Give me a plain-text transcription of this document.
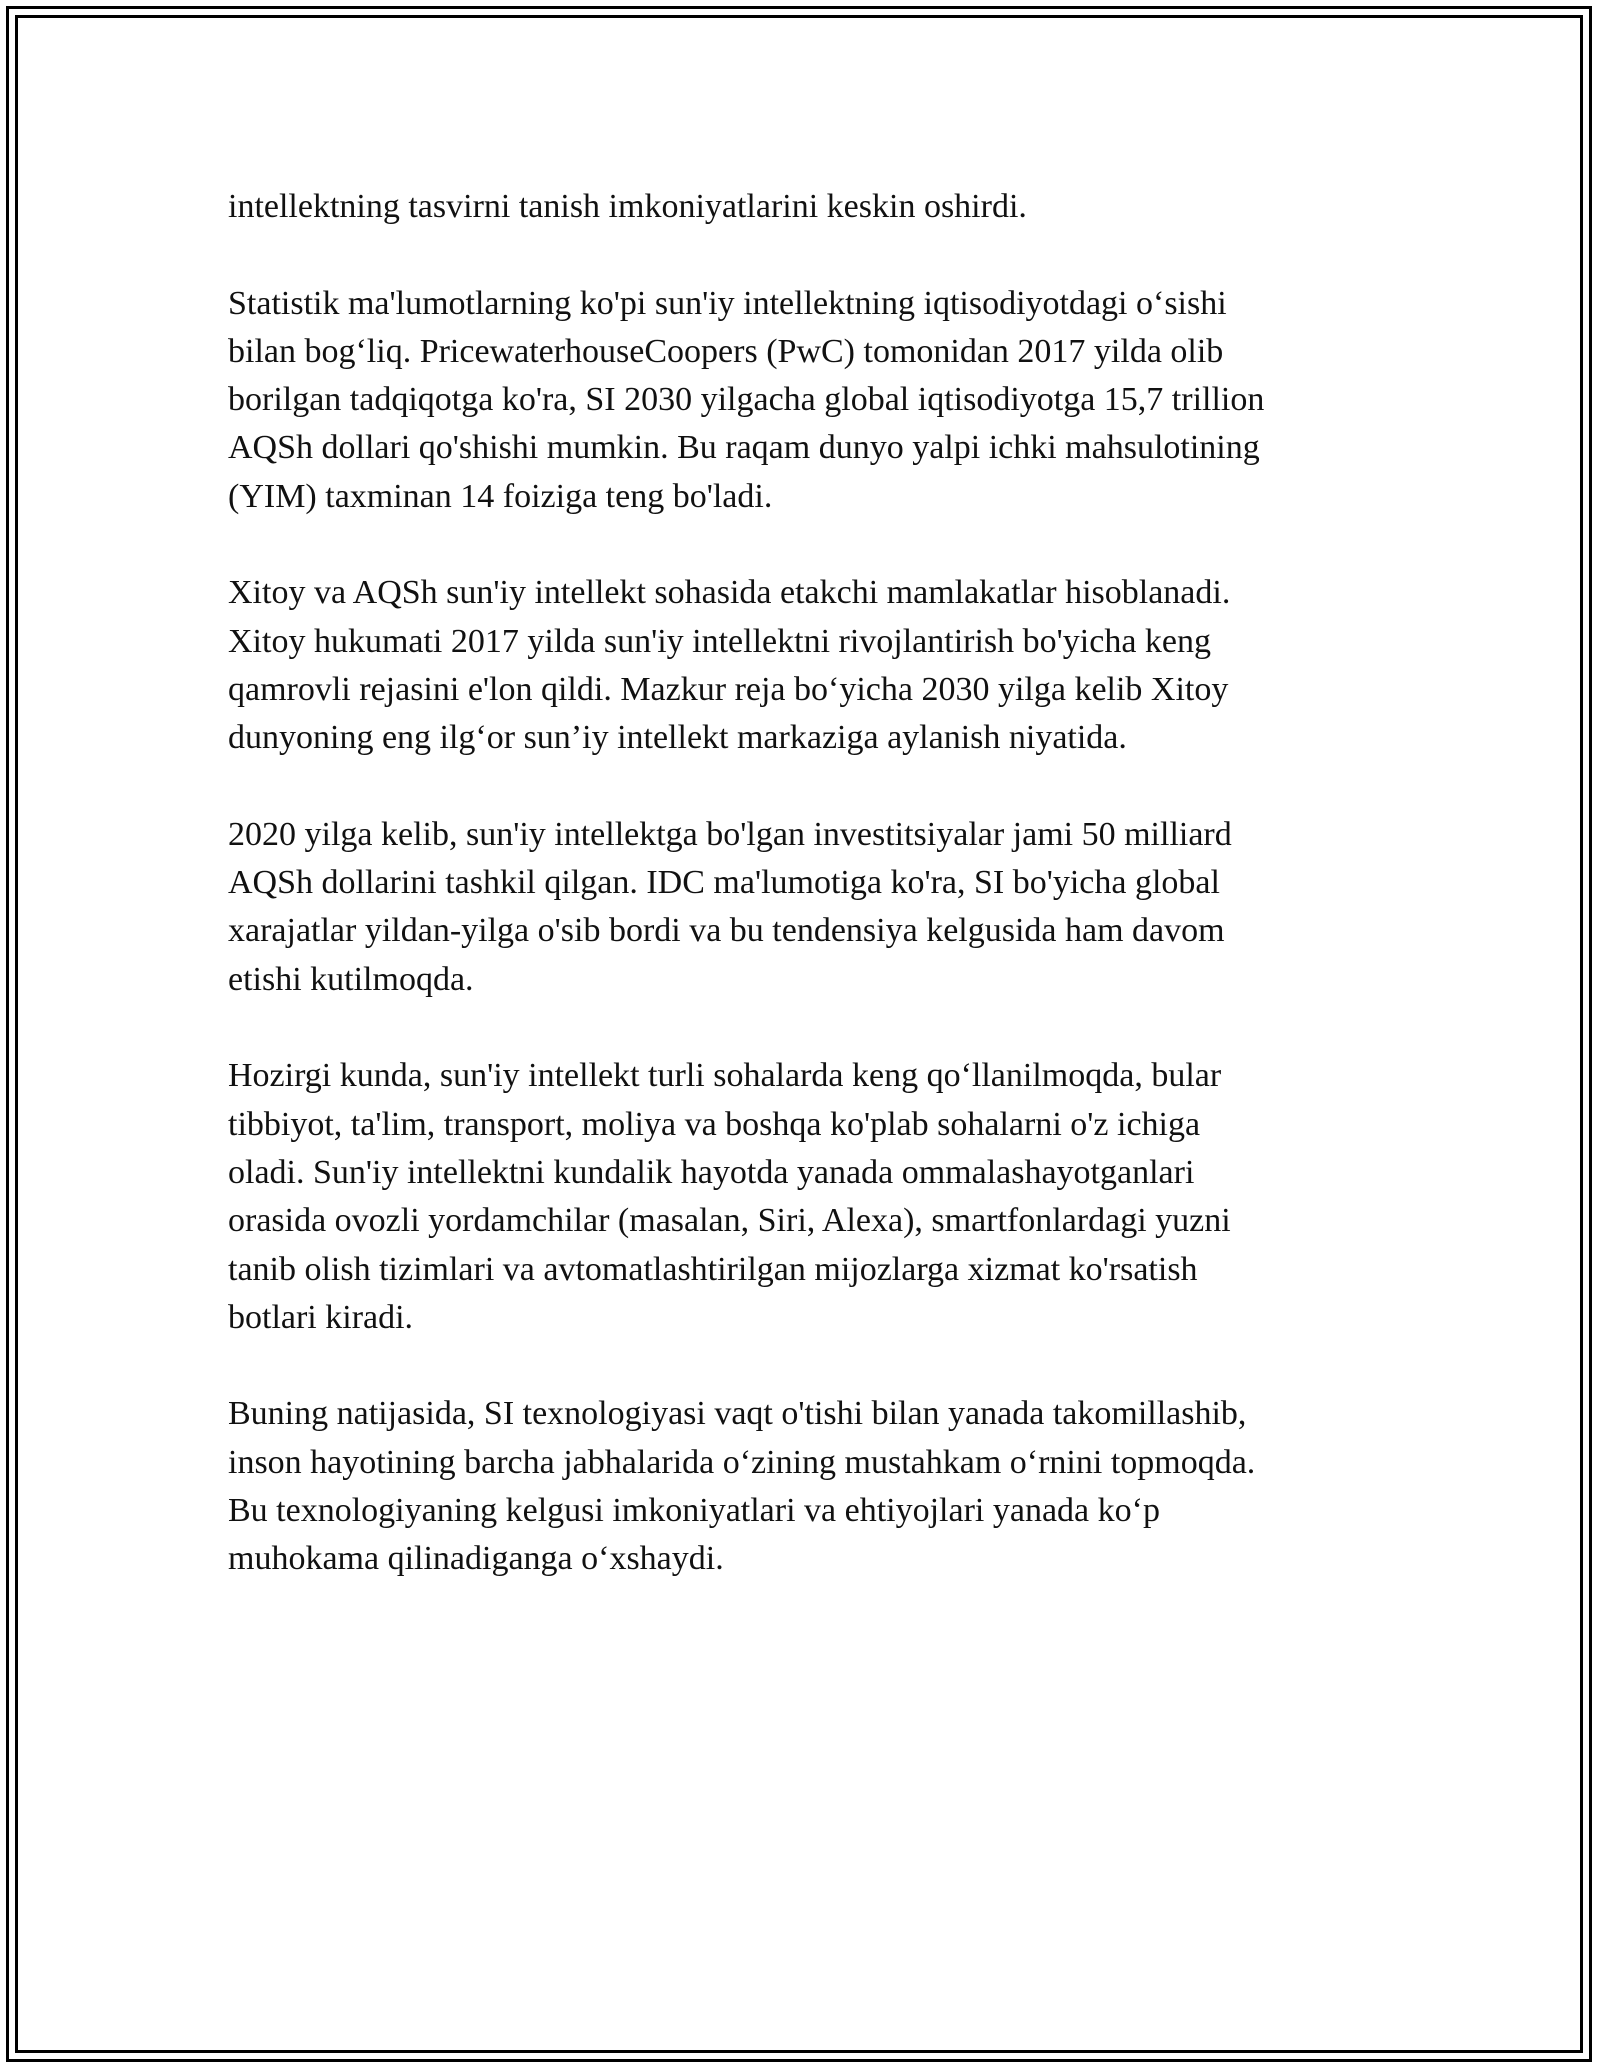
intellektning tasvirni tanish imkoniyatlarini keskin oshirdi.

Statistik ma'lumotlarning ko'pi sun'iy intellektning iqtisodiyotdagi o‘sishi
bilan bog‘liq. PricewaterhouseCoopers (PwC) tomonidan 2017 yilda olib
borilgan tadqiqotga ko'ra, SI 2030 yilgacha global iqtisodiyotga 15,7 trillion
AQSh dollari qo'shishi mumkin. Bu raqam dunyo yalpi ichki mahsulotining
(YIM) taxminan 14 foiziga teng bo'ladi.

Xitoy va AQSh sun'iy intellekt sohasida etakchi mamlakatlar hisoblanadi.
Xitoy hukumati 2017 yilda sun'iy intellektni rivojlantirish bo'yicha keng
qamrovli rejasini e'lon qildi. Mazkur reja bo‘yicha 2030 yilga kelib Xitoy
dunyoning eng ilg‘or sun’iy intellekt markaziga aylanish niyatida.

2020 yilga kelib, sun'iy intellektga bo'lgan investitsiyalar jami 50 milliard
AQSh dollarini tashkil qilgan. IDC ma'lumotiga ko'ra, SI bo'yicha global
xarajatlar yildan-yilga o'sib bordi va bu tendensiya kelgusida ham davom
etishi kutilmoqda.

Hozirgi kunda, sun'iy intellekt turli sohalarda keng qo‘llanilmoqda, bular
tibbiyot, ta'lim, transport, moliya va boshqa ko'plab sohalarni o'z ichiga
oladi. Sun'iy intellektni kundalik hayotda yanada ommalashayotganlari
orasida ovozli yordamchilar (masalan, Siri, Alexa), smartfonlardagi yuzni
tanib olish tizimlari va avtomatlashtirilgan mijozlarga xizmat ko'rsatish
botlari kiradi.

Buning natijasida, SI texnologiyasi vaqt o'tishi bilan yanada takomillashib,
inson hayotining barcha jabhalarida o‘zining mustahkam o‘rnini topmoqda.
Bu texnologiyaning kelgusi imkoniyatlari va ehtiyojlari yanada ko‘p
muhokama qilinadiganga o‘xshaydi.
